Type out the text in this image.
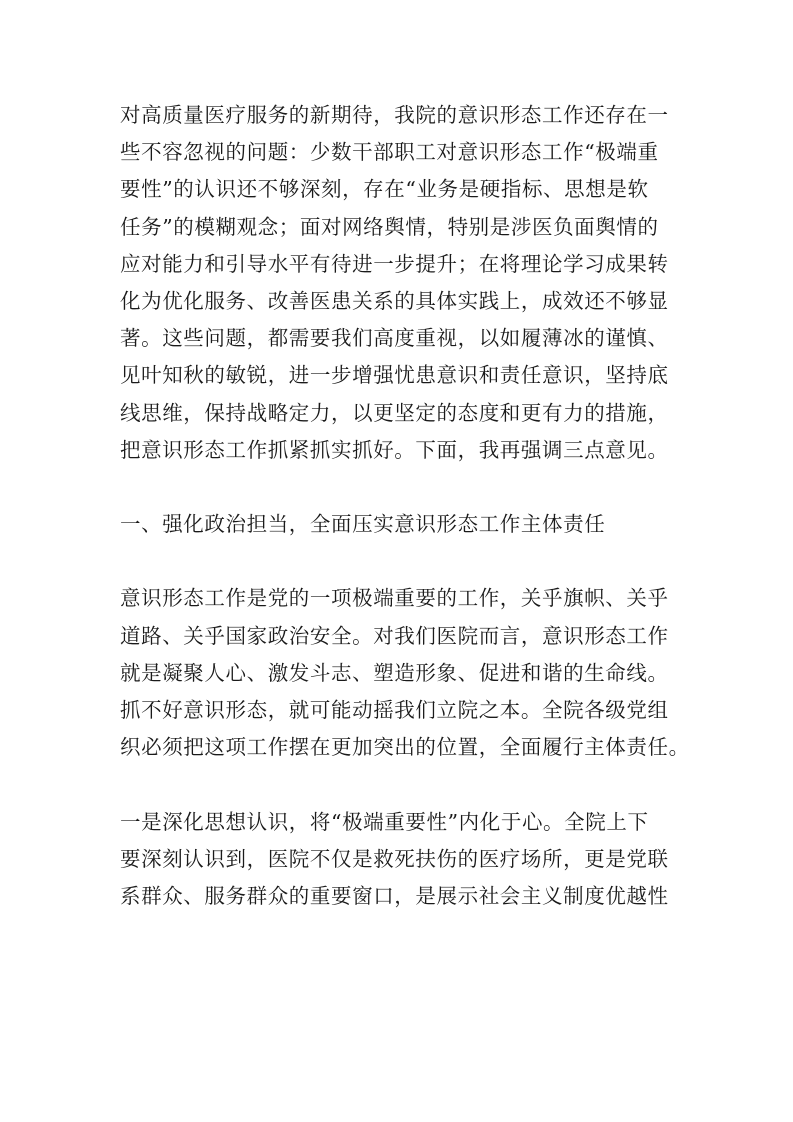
对高质量医疗服务的新期待，我院的意识形态工作还存在一
些不容忽视的问题：少数干部职工对意识形态工作“极端重
要性”的认识还不够深刻，存在“业务是硬指标、思想是软
任务”的模糊观念；面对网络舆情，特别是涉医负面舆情的
应对能力和引导水平有待进一步提升；在将理论学习成果转
化为优化服务、改善医患关系的具体实践上，成效还不够显
著。这些问题，都需要我们高度重视，以如履薄冰的谨慎、
见叶知秋的敏锐，进一步增强忧患意识和责任意识，坚持底
线思维，保持战略定力，以更坚定的态度和更有力的措施，
把意识形态工作抓紧抓实抓好。下面，我再强调三点意见。
一、强化政治担当，全面压实意识形态工作主体责任
意识形态工作是党的一项极端重要的工作，关乎旗帜、关乎
道路、关乎国家政治安全。对我们医院而言，意识形态工作
就是凝聚人心、激发斗志、塑造形象、促进和谐的生命线。
抓不好意识形态，就可能动摇我们立院之本。全院各级党组
织必须把这项工作摆在更加突出的位置，全面履行主体责任。
一是深化思想认识，将“极端重要性”内化于心。全院上下
要深刻认识到，医院不仅是救死扶伤的医疗场所，更是党联
系群众、服务群众的重要窗口，是展示社会主义制度优越性
